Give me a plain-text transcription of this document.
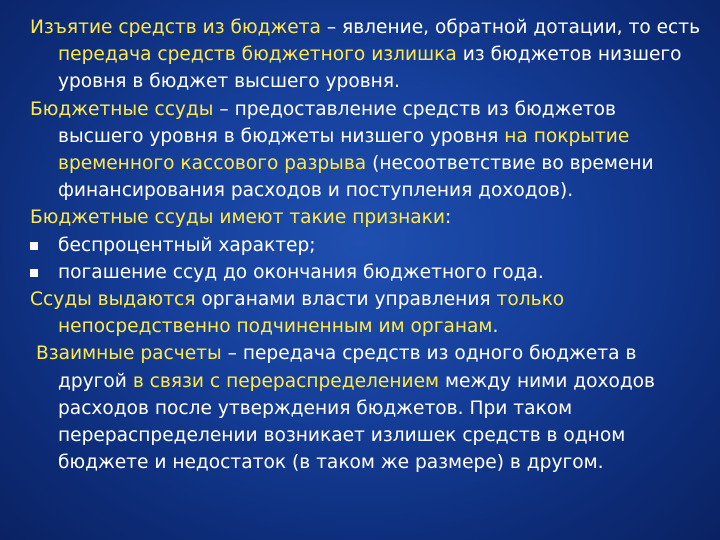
Изъятие средств из бюджета – явление, обратной дотации, то есть передача средств бюджетного излишка из бюджетов низшего уровня в бюджет высшего уровня.

Бюджетные ссуды – предоставление средств из бюджетов высшего уровня в бюджеты низшего уровня на покрытие временного кассового разрыва (несоответствие во времени финансирования расходов и поступления доходов).

Бюджетные ссуды имеют такие признаки:

беспроцентный характер;

погашение ссуд до окончания бюджетного года.

Ссуды выдаются органами власти управления только непосредственно подчиненным им органам.

Взаимные расчеты – передача средств из одного бюджета в другой в связи с перераспределением между ними доходов расходов после утверждения бюджетов. При таком перераспределении возникает излишек средств в одном бюджете и недостаток (в таком же размере) в другом.
